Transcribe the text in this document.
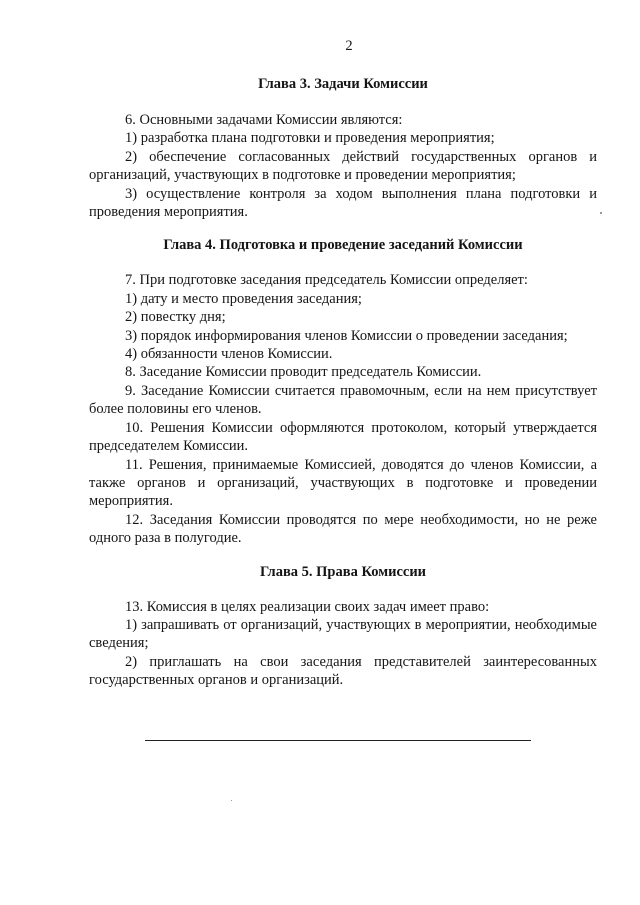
2
Глава 3. Задачи Комиссии

6. Основными задачами Комиссии являются:

1) разработка плана подготовки и проведения мероприятия;

2) обеспечение согласованных действий государственных органов и организаций, участвующих в подготовке и проведении мероприятия;

3) осуществление контроля за ходом выполнения плана подготовки и проведения мероприятия.

Глава 4. Подготовка и проведение заседаний Комиссии

7. При подготовке заседания председатель Комиссии определяет:

1) дату и место проведения заседания;

2) повестку дня;

3) порядок информирования членов Комиссии о проведении заседания;

4) обязанности членов Комиссии.

8. Заседание Комиссии проводит председатель Комиссии.

9. Заседание Комиссии считается правомочным, если на нем присутствует более половины его членов.

10. Решения Комиссии оформляются протоколом, который утверждается председателем Комиссии.

11. Решения, принимаемые Комиссией, доводятся до членов Комиссии, а также органов и организаций, участвующих в подготовке и проведении мероприятия.

12. Заседания Комиссии проводятся по мере необходимости, но не реже одного раза в полугодие.

Глава 5. Права Комиссии

13. Комиссия в целях реализации своих задач имеет право:

1) запрашивать от организаций, участвующих в мероприятии, необходимые сведения;

2) приглашать на свои заседания представителей заинтересованных государственных органов и организаций.
